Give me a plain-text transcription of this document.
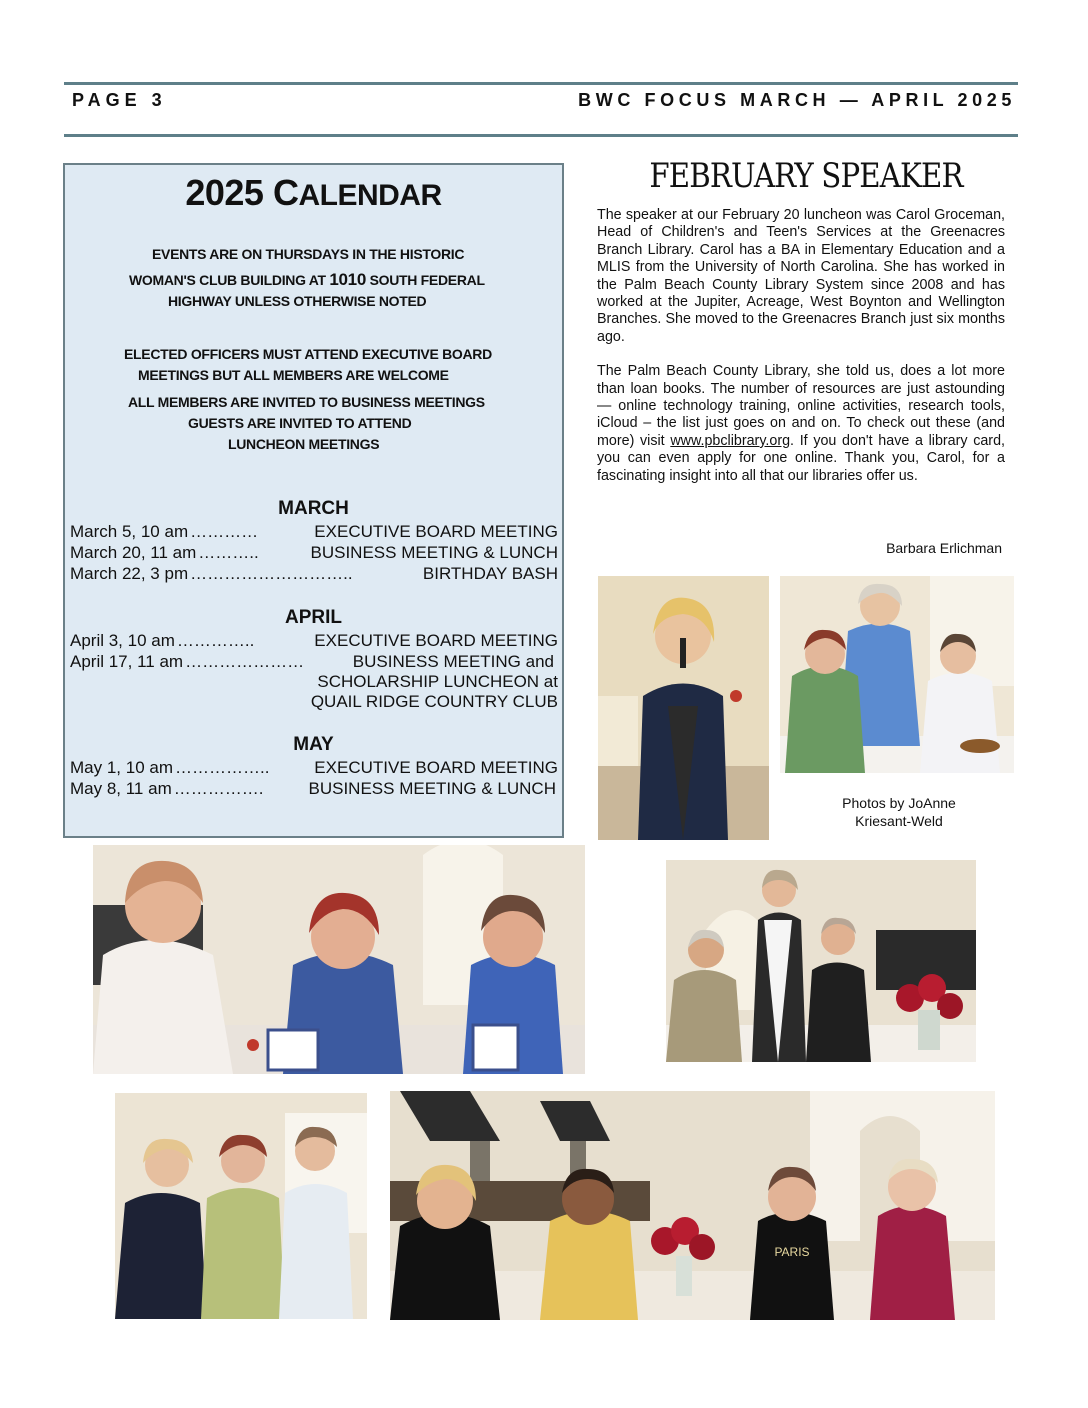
PAGE 3	BWC FOCUS MARCH — APRIL 2025
2025 CALENDAR
EVENTS ARE ON THURSDAYS IN THE HISTORIC
WOMAN'S CLUB BUILDING AT 1010 SOUTH FEDERAL
HIGHWAY UNLESS OTHERWISE NOTED
ELECTED OFFICERS MUST ATTEND EXECUTIVE BOARD
MEETINGS BUT ALL MEMBERS ARE WELCOME
ALL MEMBERS ARE INVITED TO BUSINESS MEETINGS
GUESTS ARE INVITED TO ATTEND
LUNCHEON MEETINGS
MARCH
March 5, 10 am …………	EXECUTIVE BOARD MEETING
March 20, 11 am ………..	BUSINESS MEETING & LUNCH
March 22, 3 pm ………………………..	BIRTHDAY BASH
APRIL
April 3, 10 am …………..	EXECUTIVE BOARD MEETING
April 17, 11 am …………………	BUSINESS MEETING and
SCHOLARSHIP LUNCHEON at
QUAIL RIDGE COUNTRY CLUB
MAY
May 1, 10 am ……………..	EXECUTIVE BOARD MEETING
May 8, 11 am …………….	BUSINESS MEETING & LUNCH
FEBRUARY SPEAKER

The speaker at our February 20 luncheon was Carol Groceman, Head of Children's and Teen's Services at the Greenacres Branch Library. Carol has a BA in Elementary Education and a MLIS from the University of North Carolina. She has worked in the Palm Beach County Library System since 2008 and has worked at the Jupiter, Acreage, West Boynton and Wellington Branches. She moved to the Greenacres Branch just six months ago.

The Palm Beach County Library, she told us, does a lot more than loan books. The number of resources are just astounding — online technology training, online activities, research tools, iCloud – the list just goes on and on. To check out these (and more) visit www.pbclibrary.org. If you don't have a library card, you can even apply for one online. Thank you, Carol, for a fascinating insight into all that our libraries offer us.

Barbara Erlichman
Photos by JoAnne
Kriesant-Weld
PARIS
